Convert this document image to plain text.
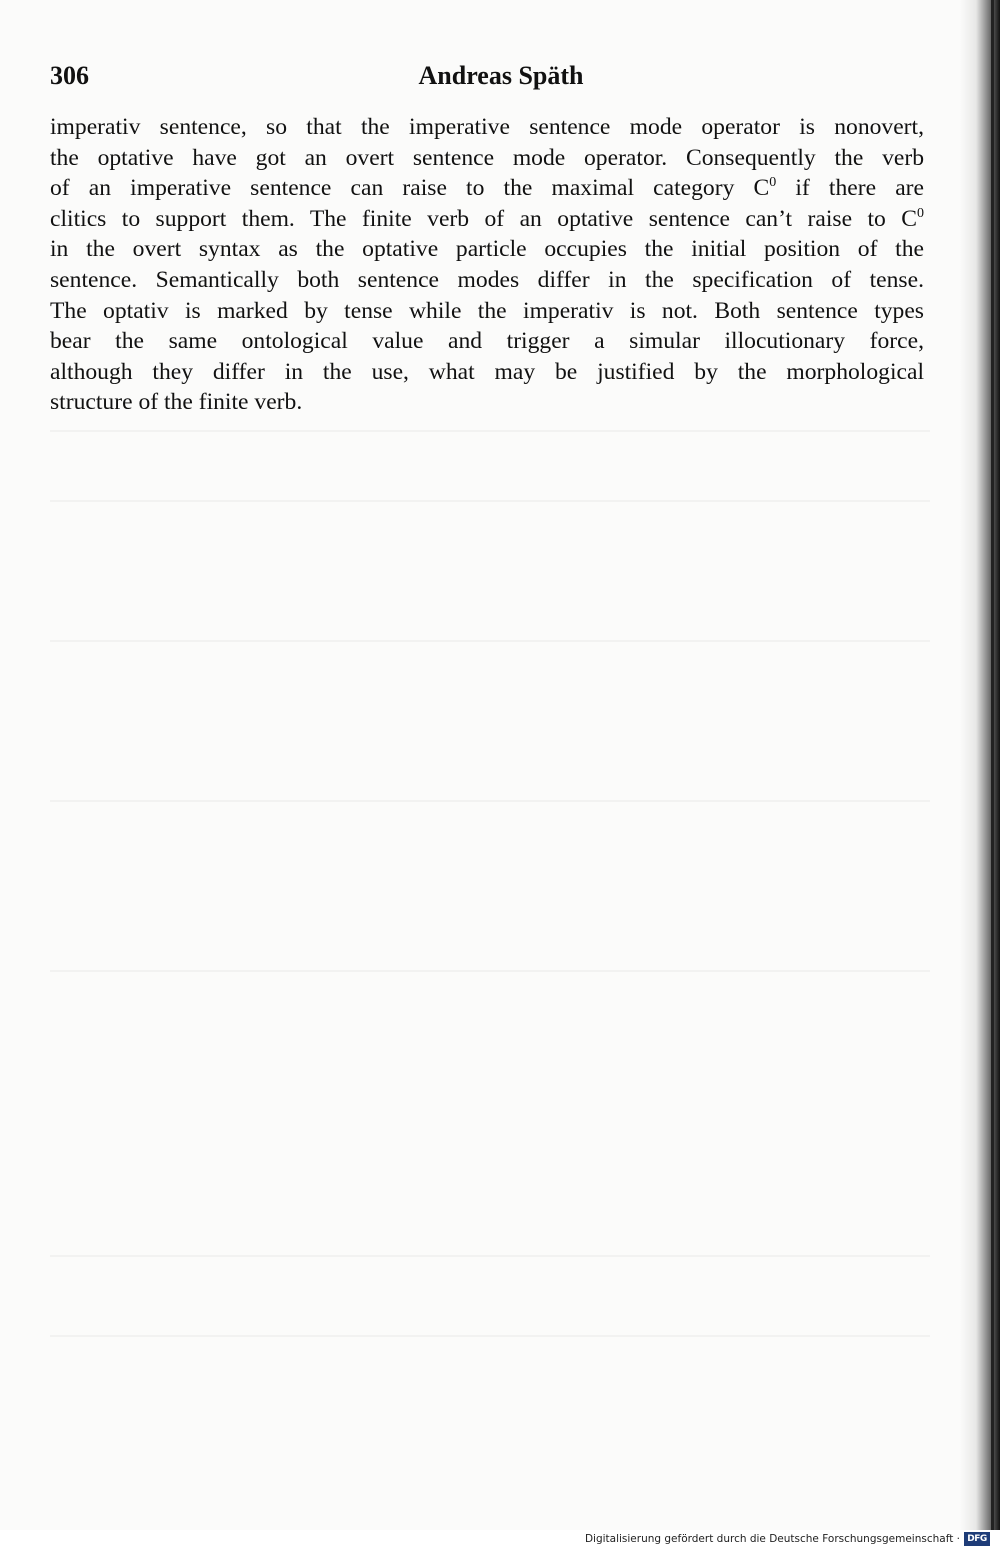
306	Andreas Späth
imperativ sentence, so that the imperative sentence mode operator is nonovert,
the optative have got an overt sentence mode operator. Consequently the verb
of an imperative sentence can raise to the maximal category $C^0$ if there are
clitics to support them. The finite verb of an optative sentence can’t raise to $C^0$
in the overt syntax as the optative particle occupies the initial position of the
sentence. Semantically both sentence modes differ in the specification of tense.
The optativ is marked by tense while the imperativ is not. Both sentence types
bear the same ontological value and trigger a simular illocutionary force,
although they differ in the use, what may be justified by the morphological
structure of the finite verb.
Digitalisierung gefördert durch die Deutsche Forschungsgemeinschaft · DFG
